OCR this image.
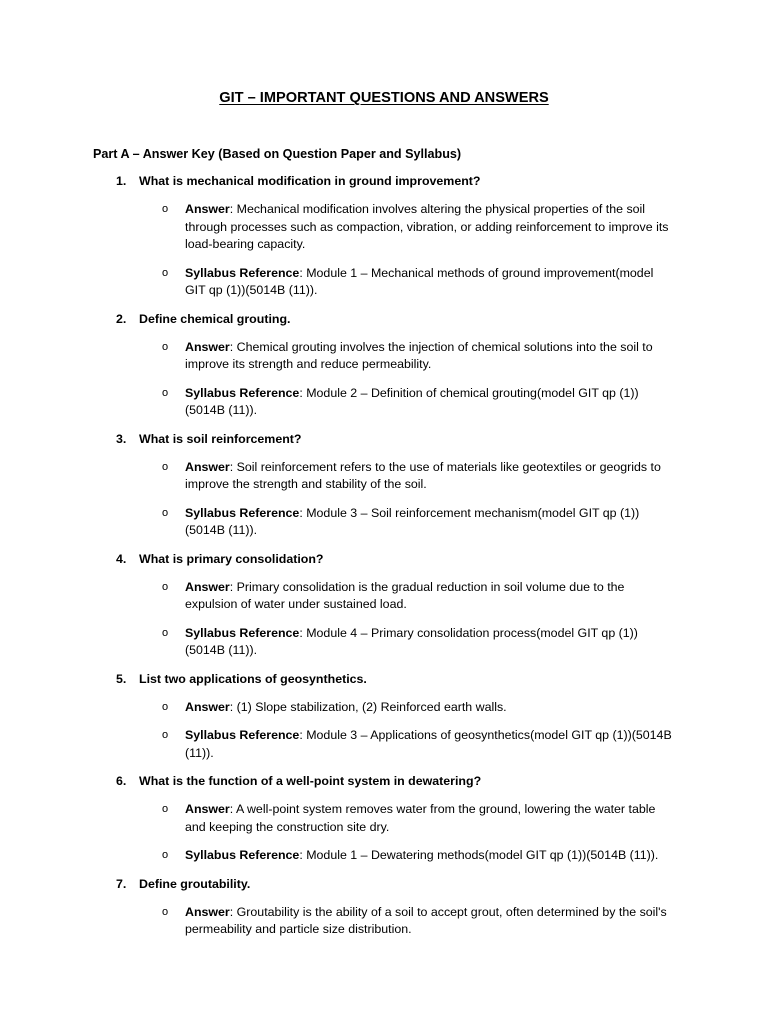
GIT – IMPORTANT QUESTIONS AND ANSWERS
Part A – Answer Key (Based on Question Paper and Syllabus)
1.	What is mechanical modification in ground improvement?
o Answer: Mechanical modification involves altering the physical properties of the soil through processes such as compaction, vibration, or adding reinforcement to improve its load-bearing capacity.
o Syllabus Reference: Module 1 – Mechanical methods of ground improvement(model GIT qp (1))(5014B (11)).
2.	Define chemical grouting.
o Answer: Chemical grouting involves the injection of chemical solutions into the soil to improve its strength and reduce permeability.
o Syllabus Reference: Module 2 – Definition of chemical grouting(model GIT qp (1))(5014B (11)).
3.	What is soil reinforcement?
o Answer: Soil reinforcement refers to the use of materials like geotextiles or geogrids to improve the strength and stability of the soil.
o Syllabus Reference: Module 3 – Soil reinforcement mechanism(model GIT qp (1))(5014B (11)).
4.	What is primary consolidation?
o Answer: Primary consolidation is the gradual reduction in soil volume due to the expulsion of water under sustained load.
o Syllabus Reference: Module 4 – Primary consolidation process(model GIT qp (1))(5014B (11)).
5.	List two applications of geosynthetics.
o Answer: (1) Slope stabilization, (2) Reinforced earth walls.
o Syllabus Reference: Module 3 – Applications of geosynthetics(model GIT qp (1))(5014B (11)).
6.	What is the function of a well-point system in dewatering?
o Answer: A well-point system removes water from the ground, lowering the water table and keeping the construction site dry.
o Syllabus Reference: Module 1 – Dewatering methods(model GIT qp (1))(5014B (11)).
7.	Define groutability.
o Answer: Groutability is the ability of a soil to accept grout, often determined by the soil's permeability and particle size distribution.
